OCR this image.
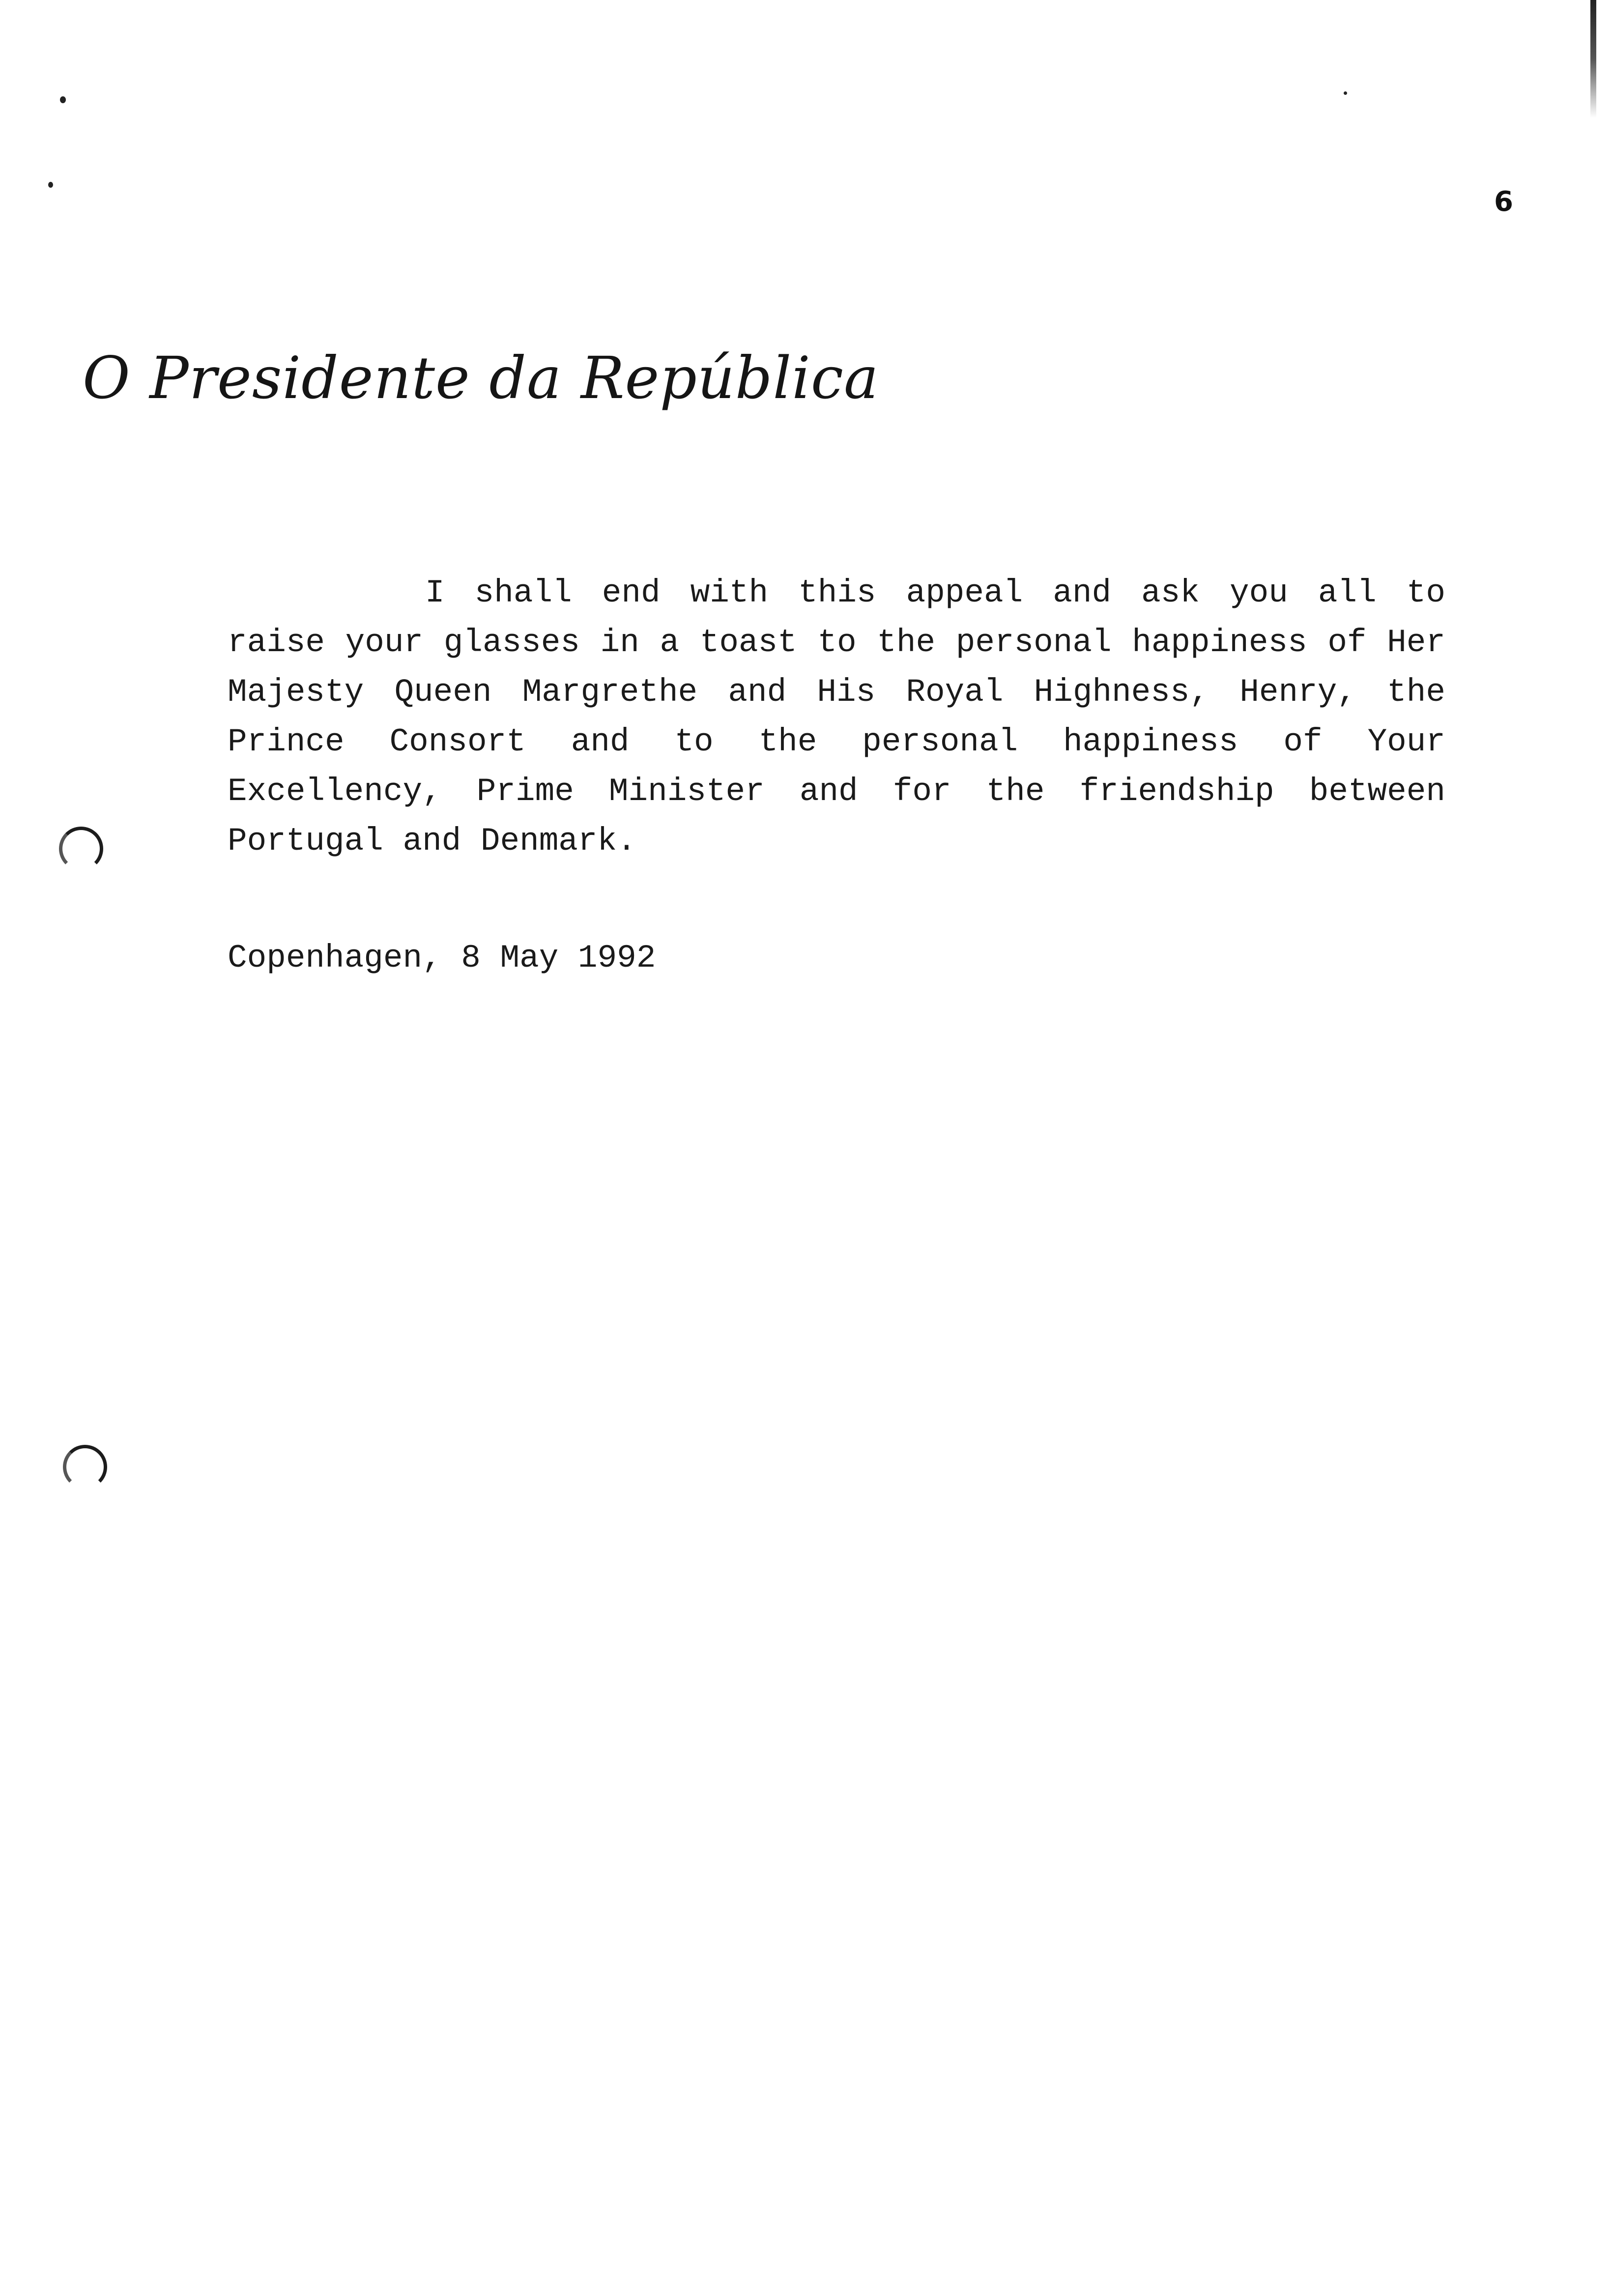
6
O Presidente da República

I shall end with this appeal and ask you all to raise your glasses in a toast to the personal happiness of Her Majesty Queen Margrethe and His Royal Highness, Henry, the Prince Consort and to the personal happiness of Your Excellency, Prime Minister and for the friendship between Portugal and Denmark.

Copenhagen, 8 May 1992
